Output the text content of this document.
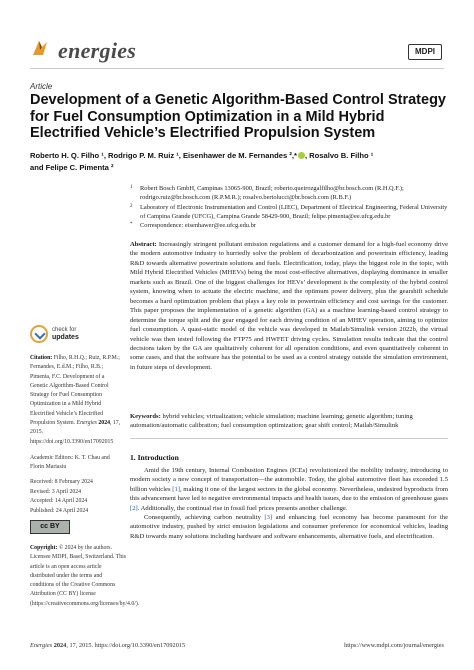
energies	MDPI
Article
Development of a Genetic Algorithm-Based Control Strategy for Fuel Consumption Optimization in a Mild Hybrid Electrified Vehicle’s Electrified Propulsion System
Roberto H. Q. Filho ¹, Rodrigo P. M. Ruiz ¹, Eisenhawer de M. Fernandes ²,* , Rosalvo B. Filho ¹
and Felipe C. Pimenta ²
1 Robert Bosch GmbH, Campinas 13065-900, Brazil; roberto.queirozgalfilho@br.bosch.com (R.H.Q.F.); rodrigo.ruiz@br.bosch.com (R.P.M.R.); rosalvo.bertolucci@br.bosch.com (R.B.F.)
2 Laboratory of Electronic Instrumentation and Control (LIEC), Department of Electrical Engineering, Federal University of Campina Grande (UFCG), Campina Grande 58429-900, Brazil; felipe.pimenta@ee.ufcg.edu.br
* Correspondence: eisenhawer@ee.ufcg.edu.br
Abstract: Increasingly stringent pollutant emission regulations and a customer demand for a high-fuel economy drive the modern automotive industry to hurriedly solve the problem of decarbonization and powertrain efficiency, leading R&D towards alternative powertrain solutions and fuels. Electrification, today, plays the biggest role in the topic, with Mild Hybrid Electrified Vehicles (MHEVs) being the most cost-effective alternatives, displaying dominance in smaller markets such as Brazil. One of the biggest challenges for HEVs’ development is the complexity of the hybrid control system, knowing when to actuate the electric machine, and the optimum power delivery, plus the gearshift schedule becomes a hard optimization problem that plays a key role in powertrain efficiency and cost savings for the customer. This paper proposes the implementation of a genetic algorithm (GA) as a machine learning-based control strategy to determine the torque split and the gear engaged for each driving condition of an MHEV operation, aiming to optimize fuel consumption. A quasi-static model of the vehicle was developed in Matlab/Simulink version 2022b, the virtual vehicle was then tested following the FTP75 and HWFET driving cycles. Simulation results indicate that the control decisions taken by the GA are qualitatively coherent for all operation conditions, and even quantitatively coherent in some cases, and that the software has the potential to be used as a control strategy outside the simulation environment, in future steps of development.
Keywords: hybrid vehicles; virtualization; vehicle simulation; machine learning; genetic algorithm; tuning automation/automatic calibration; fuel consumption optimization; gear shift control; Matlab/Simulink
1. Introduction

Amid the 19th century, Internal Combustion Engines (ICEs) revolutionized the mobility industry, introducing to modern society a new concept of transportation—the automobile. Today, the global automotive fleet has exceeded 1.5 billion vehicles [1], making it one of the largest sectors in the global economy. Nevertheless, undesired byproducts from this advancement have led to negative environmental impacts and health issues, due to the emission of greenhouse gases [2]. Additionally, the continual rise in fossil fuel prices presents another challenge.

Consequently, achieving carbon neutrality [3] and enhancing fuel economy has become paramount for the automotive industry, pushed by strict emission legislations and consumer preference for economical vehicles, leading R&D towards many solutions including hardware and software enhancements, alternative fuels, and electrification.

check for
updates
Citation: Filho, R.H.Q.; Ruiz, R.P.M.; Fernandes, E.d.M.; Filho, R.B.; Pimenta, F.C. Development of a Genetic Algorithm-Based Control Strategy for Fuel Consumption Optimization in a Mild Hybrid Electrified Vehicle’s Electrified Propulsion System. Energies 2024, 17, 2015. https://doi.org/10.3390/en17092015
Academic Editors: K. T. Chau and Florin Mariasiu
Received: 8 February 2024
Revised: 3 April 2024
Accepted: 14 April 2024
Published: 24 April 2024
cc BY
Copyright: © 2024 by the authors. Licensee MDPI, Basel, Switzerland. This article is an open access article distributed under the terms and conditions of the Creative Commons Attribution (CC BY) license (https://creativecommons.org/licenses/by/4.0/).
Energies 2024, 17, 2015. https://doi.org/10.3390/en17092015	https://www.mdpi.com/journal/energies
